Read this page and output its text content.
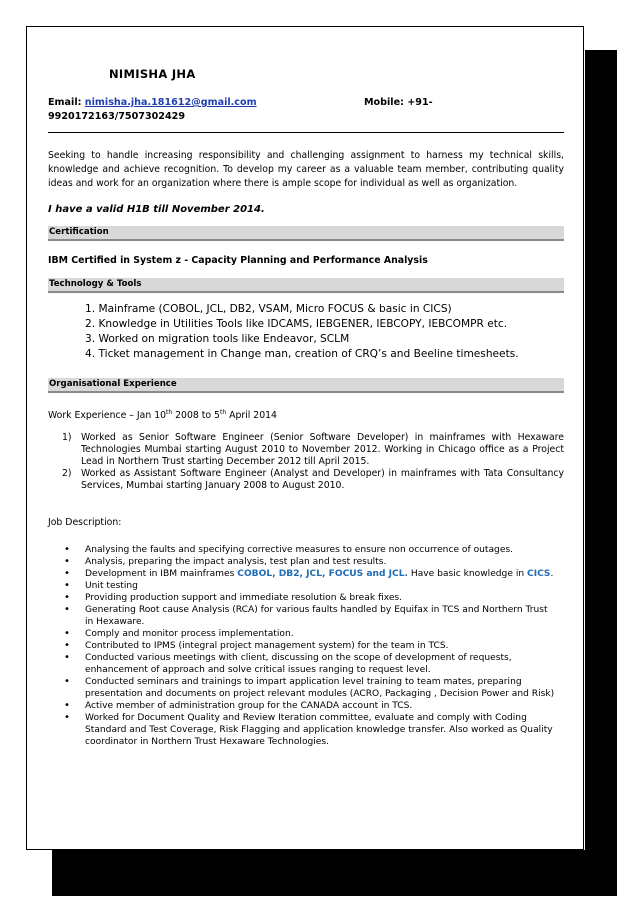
NIMISHA JHA
Email: nimisha.jha.181612@gmail.com	Mobile: +91-
9920172163/7507302429
Seeking to handle increasing responsibility and challenging assignment to harness my technical skills, knowledge and achieve recognition. To develop my career as a valuable team member, contributing quality ideas and work for an organization where there is ample scope for individual as well as organization.
I have a valid H1B till November 2014.
Certification
IBM Certified in System z - Capacity Planning and Performance Analysis
Technology & Tools
1. Mainframe (COBOL, JCL, DB2, VSAM, Micro FOCUS & basic in CICS)
2. Knowledge in Utilities Tools like IDCAMS, IEBGENER, IEBCOPY, IEBCOMPR etc.
3. Worked on migration tools like Endeavor, SCLM
4. Ticket management in Change man, creation of CRQ’s and Beeline timesheets.
Organisational Experience
Work Experience – Jan 10th 2008 to 5th April 2014
1) Worked as Senior Software Engineer (Senior Software Developer) in mainframes with Hexaware Technologies Mumbai starting August 2010 to November 2012. Working in Chicago office as a Project Lead in Northern Trust starting December 2012 till April 2015.
2) Worked as Assistant Software Engineer (Analyst and Developer) in mainframes with Tata Consultancy Services, Mumbai starting January 2008 to August 2010.
Job Description:
• Analysing the faults and specifying corrective measures to ensure non occurrence of outages.
• Analysis, preparing the impact analysis, test plan and test results.
• Development in IBM mainframes COBOL, DB2, JCL, FOCUS and JCL. Have basic knowledge in CICS.
• Unit testing
• Providing production support and immediate resolution & break fixes.
• Generating Root cause Analysis (RCA) for various faults handled by Equifax in TCS and Northern Trust in Hexaware.
• Comply and monitor process implementation.
• Contributed to IPMS (integral project management system) for the team in TCS.
• Conducted various meetings with client, discussing on the scope of development of requests, enhancement of approach and solve critical issues ranging to request level.
• Conducted seminars and trainings to impart application level training to team mates, preparing presentation and documents on project relevant modules (ACRO, Packaging , Decision Power and Risk)
• Active member of administration group for the CANADA account in TCS.
• Worked for Document Quality and Review Iteration committee, evaluate and comply with Coding Standard and Test Coverage, Risk Flagging and application knowledge transfer. Also worked as Quality coordinator in Northern Trust Hexaware Technologies.
